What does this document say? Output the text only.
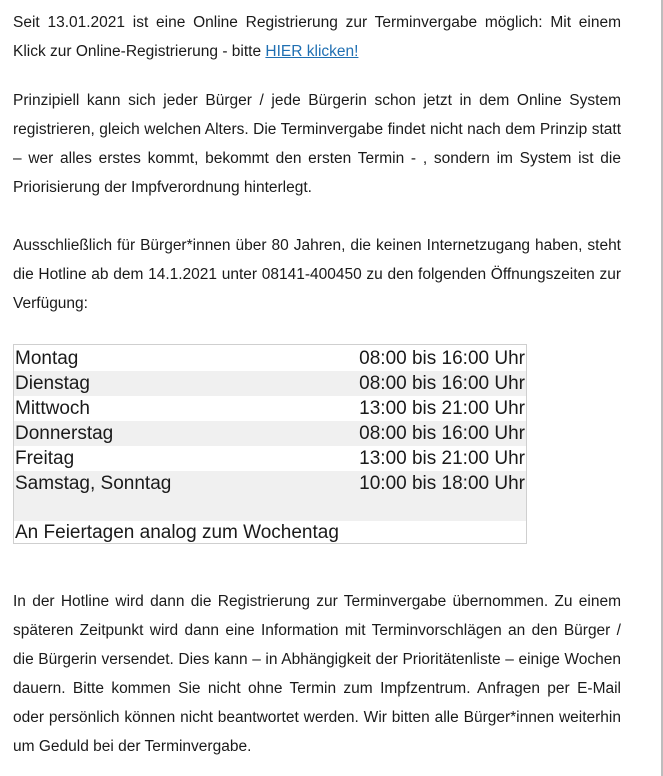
Seit 13.01.2021 ist eine Online Registrierung zur Terminvergabe möglich: Mit einem Klick zur Online-Registrierung - bitte HIER klicken!

Prinzipiell kann sich jeder Bürger / jede Bürgerin schon jetzt in dem Online System registrieren, gleich welchen Alters. Die Terminvergabe findet nicht nach dem Prinzip statt – wer alles erstes kommt, bekommt den ersten Termin - , sondern im System ist die Priorisierung der Impfverordnung hinterlegt.

Ausschließlich für Bürger*innen über 80 Jahren, die keinen Internetzugang haben, steht die Hotline ab dem 14.1.2021 unter 08141-400450 zu den folgenden Öffnungszeiten zur Verfügung:

Montag	08:00 bis 16:00 Uhr
Dienstag	08:00 bis 16:00 Uhr
Mittwoch	13:00 bis 21:00 Uhr
Donnerstag	08:00 bis 16:00 Uhr
Freitag	13:00 bis 21:00 Uhr
Samstag, Sonntag	10:00 bis 18:00 Uhr
An Feiertagen analog zum Wochentag

In der Hotline wird dann die Registrierung zur Terminvergabe übernommen. Zu einem späteren Zeitpunkt wird dann eine Information mit Terminvorschlägen an den Bürger / die Bürgerin versendet. Dies kann – in Abhängigkeit der Prioritätenliste – einige Wochen dauern. Bitte kommen Sie nicht ohne Termin zum Impfzentrum. Anfragen per E-Mail oder persönlich können nicht beantwortet werden. Wir bitten alle Bürger*innen weiterhin um Geduld bei der Terminvergabe.
